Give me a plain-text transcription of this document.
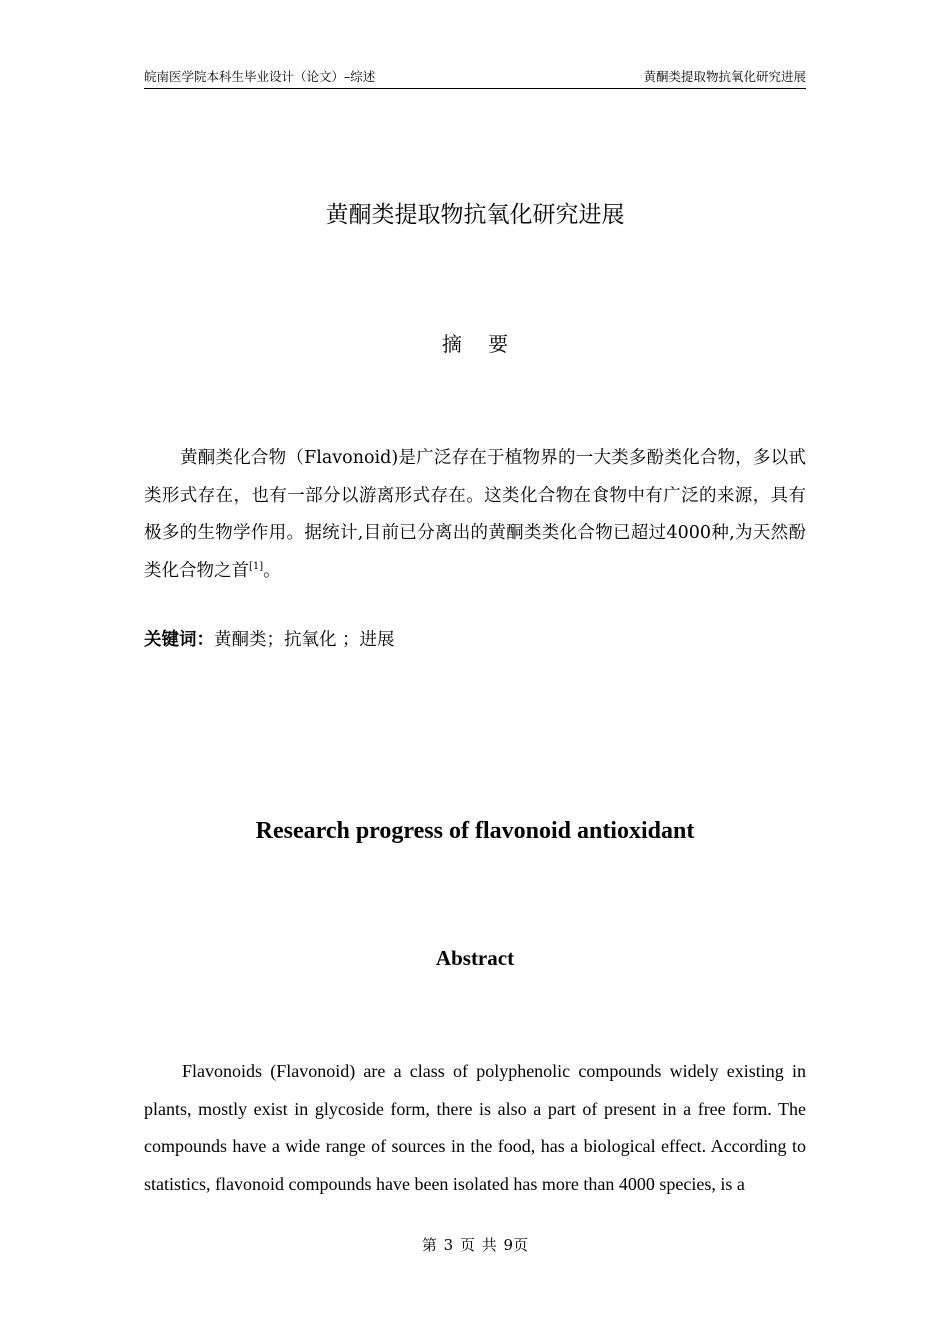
皖南医学院本科生毕业设计（论文）–综述	黄酮类提取物抗氧化研究进展
黄酮类提取物抗氧化研究进展
摘 要

黄酮类化合物（Flavonoid)是广泛存在于植物界的一大类多酚类化合物，多以甙类形式存在，也有一部分以游离形式存在。这类化合物在食物中有广泛的来源，具有极多的生物学作用。据统计,目前已分离出的黄酮类类化合物已超过4000种,为天然酚类化合物之首[1]。

关键词：黄酮类；抗氧化 ；进展

Research progress of flavonoid antioxidant
Abstract

Flavonoids (Flavonoid) are a class of polyphenolic compounds widely existing in plants, mostly exist in glycoside form, there is also a part of present in a free form. The compounds have a wide range of sources in the food, has a biological effect. According to statistics, flavonoid compounds have been isolated has more than 4000 species, is a

第 3 页 共 9页
